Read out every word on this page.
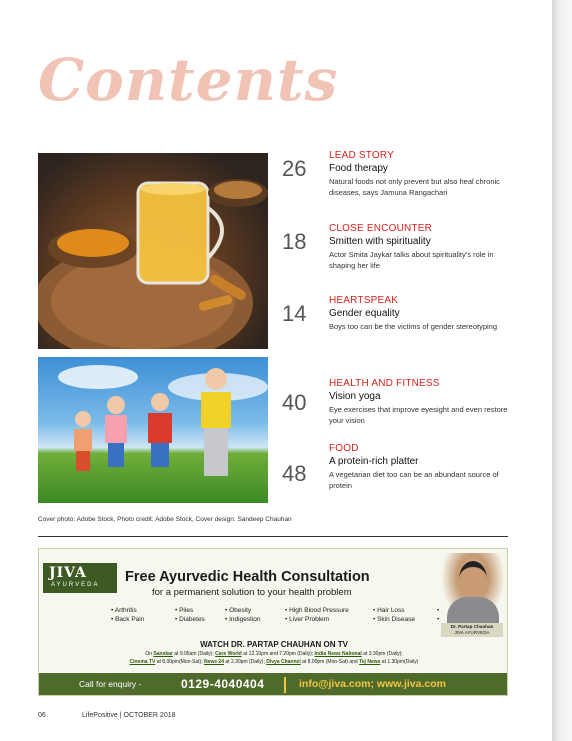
Contents
26
LEAD STORY
Food therapy
Natural foods not only prevent but also heal chronic diseases, says Jamuna Rangachari
18
CLOSE ENCOUNTER
Smitten with spirituality
Actor Smita Jaykar talks about spirituality’s role in shaping her life
14
HEARTSPEAK
Gender equality
Boys too can be the victims of gender stereotyping
40
HEALTH AND FITNESS
Vision yoga
Eye exercises that improve eyesight and even restore your vision
48
FOOD
A protein-rich platter
A vegetarian diet too can be an abundant source of protein
Cover photo: Adobe Stock, Photo credit: Adobe Stock, Cover design: Sandeep Chauhan
JIVA
AYURVEDA Free Ayurvedic Health Consultation
for a permanent solution to your health problem
• Arthritis	• Piles	• Obesity	• High Blood Pressure	• Hair Loss
• Back Pain	• Diabetes	• Indigestion	• Liver Problem	• Skin Disease
•
•
Dr. Partap Chauhan
JIVA AYURVEDA
WATCH DR. PARTAP CHAUHAN ON TV
On Sanskar at 9.05am (Daily); Care World at 12.10pm and 7.20pm (Daily); India News National at 3.30pm (Daily);
Cinema TV at 8.00pm(Mon-Sat); News 24 at 2.30pm (Daily); Divya Channel at 8.00pm (Mon-Sat) and Tej News at 1.30pm(Daily)
Call for enquiry -	0129-4040404	info@jiva.com; www.jiva.com
06	LifePositive | OCTOBER 2018
